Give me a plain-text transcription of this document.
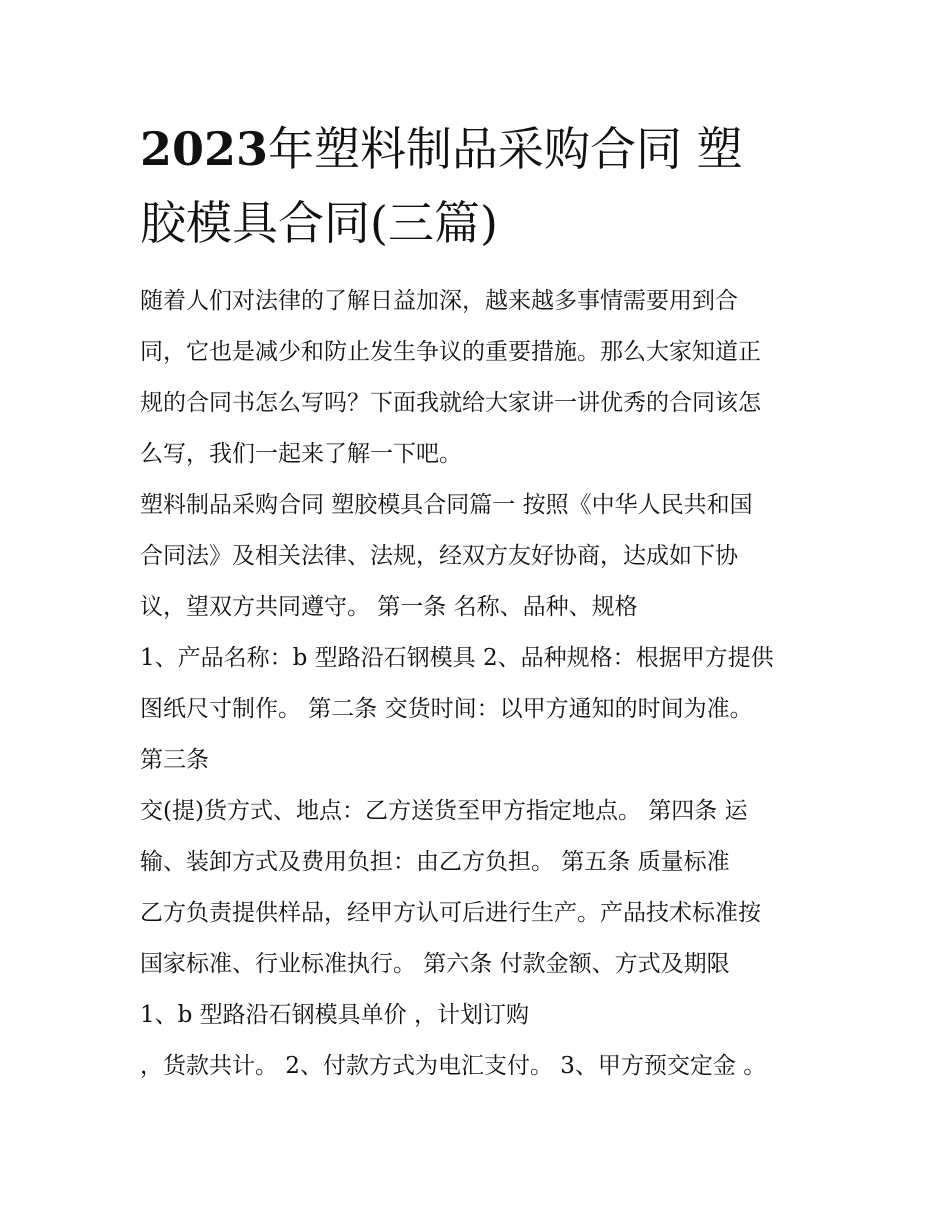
2023年塑料制品采购合同 塑
胶模具合同(三篇)
随着人们对法律的了解日益加深，越来越多事情需要用到合
同，它也是减少和防止发生争议的重要措施。那么大家知道正
规的合同书怎么写吗？下面我就给大家讲一讲优秀的合同该怎
么写，我们一起来了解一下吧。
塑料制品采购合同 塑胶模具合同篇一 按照《中华人民共和国
合同法》及相关法律、法规，经双方友好协商，达成如下协
议，望双方共同遵守。 第一条 名称、品种、规格
1、产品名称：b 型路沿石钢模具 2、品种规格：根据甲方提供
图纸尺寸制作。 第二条 交货时间：以甲方通知的时间为准。
第三条
交(提)货方式、地点：乙方送货至甲方指定地点。 第四条 运
输、装卸方式及费用负担：由乙方负担。 第五条 质量标准
乙方负责提供样品，经甲方认可后进行生产。产品技术标准按
国家标准、行业标准执行。 第六条 付款金额、方式及期限
1、b 型路沿石钢模具单价 ，计划订购
，货款共计。 2、付款方式为电汇支付。 3、甲方预交定金 。
